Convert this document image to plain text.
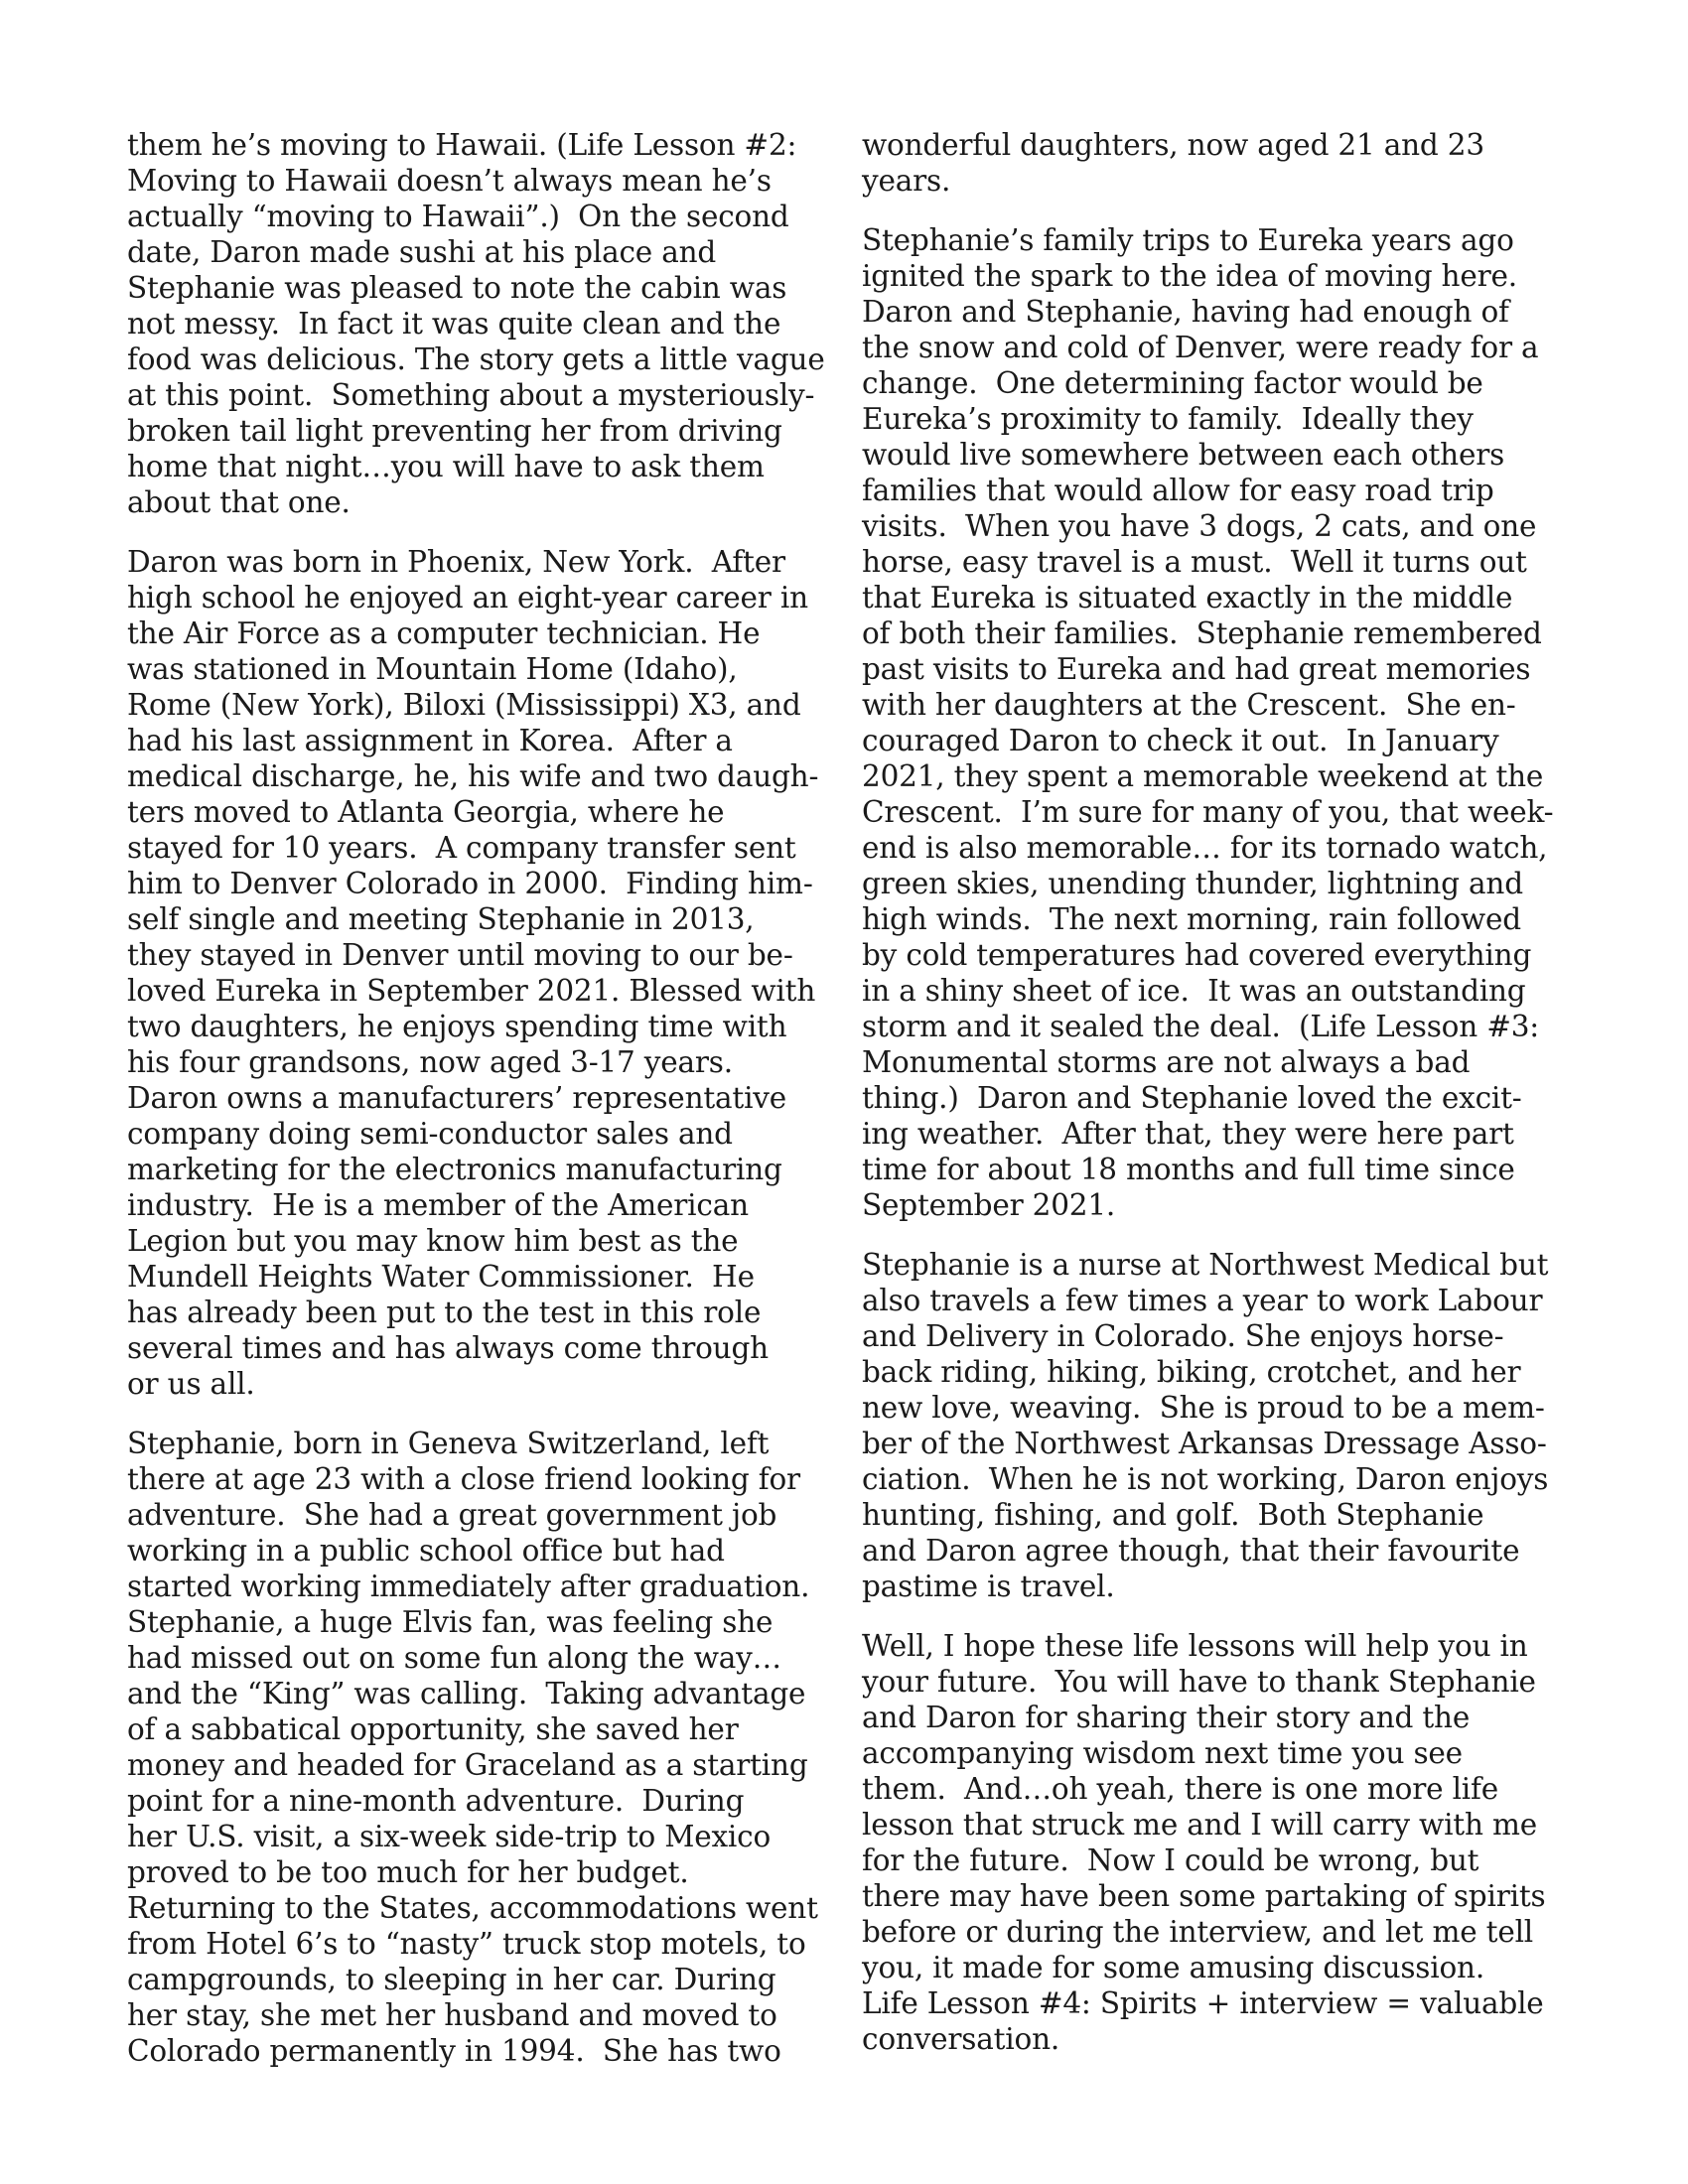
them he’s moving to Hawaii. (Life Lesson #2:
Moving to Hawaii doesn’t always mean he’s
actually “moving to Hawaii”.)  On the second
date, Daron made sushi at his place and
Stephanie was pleased to note the cabin was
not messy.  In fact it was quite clean and the
food was delicious. The story gets a little vague
at this point.  Something about a mysteriously-
broken tail light preventing her from driving
home that night…you will have to ask them
about that one.

Daron was born in Phoenix, New York.  After
high school he enjoyed an eight-year career in
the Air Force as a computer technician. He
was stationed in Mountain Home (Idaho),
Rome (New York), Biloxi (Mississippi) X3, and
had his last assignment in Korea.  After a
medical discharge, he, his wife and two daugh-
ters moved to Atlanta Georgia, where he
stayed for 10 years.  A company transfer sent
him to Denver Colorado in 2000.  Finding him-
self single and meeting Stephanie in 2013,
they stayed in Denver until moving to our be-
loved Eureka in September 2021. Blessed with
two daughters, he enjoys spending time with
his four grandsons, now aged 3-17 years.
Daron owns a manufacturers’ representative
company doing semi-conductor sales and
marketing for the electronics manufacturing
industry.  He is a member of the American
Legion but you may know him best as the
Mundell Heights Water Commissioner.  He
has already been put to the test in this role
several times and has always come through
or us all.

Stephanie, born in Geneva Switzerland, left
there at age 23 with a close friend looking for
adventure.  She had a great government job
working in a public school office but had
started working immediately after graduation.
Stephanie, a huge Elvis fan, was feeling she
had missed out on some fun along the way…
and the “King” was calling.  Taking advantage
of a sabbatical opportunity, she saved her
money and headed for Graceland as a starting
point for a nine-month adventure.  During
her U.S. visit, a six-week side-trip to Mexico
proved to be too much for her budget.
Returning to the States, accommodations went
from Hotel 6’s to “nasty” truck stop motels, to
campgrounds, to sleeping in her car. During
her stay, she met her husband and moved to
Colorado permanently in 1994.  She has two

wonderful daughters, now aged 21 and 23
years.

Stephanie’s family trips to Eureka years ago
ignited the spark to the idea of moving here.
Daron and Stephanie, having had enough of
the snow and cold of Denver, were ready for a
change.  One determining factor would be
Eureka’s proximity to family.  Ideally they
would live somewhere between each others
families that would allow for easy road trip
visits.  When you have 3 dogs, 2 cats, and one
horse, easy travel is a must.  Well it turns out
that Eureka is situated exactly in the middle
of both their families.  Stephanie remembered
past visits to Eureka and had great memories
with her daughters at the Crescent.  She en-
couraged Daron to check it out.  In January
2021, they spent a memorable weekend at the
Crescent.  I’m sure for many of you, that week-
end is also memorable… for its tornado watch,
green skies, unending thunder, lightning and
high winds.  The next morning, rain followed
by cold temperatures had covered everything
in a shiny sheet of ice.  It was an outstanding
storm and it sealed the deal.  (Life Lesson #3:
Monumental storms are not always a bad
thing.)  Daron and Stephanie loved the excit-
ing weather.  After that, they were here part
time for about 18 months and full time since
September 2021.

Stephanie is a nurse at Northwest Medical but
also travels a few times a year to work Labour
and Delivery in Colorado. She enjoys horse-
back riding, hiking, biking, crotchet, and her
new love, weaving.  She is proud to be a mem-
ber of the Northwest Arkansas Dressage Asso-
ciation.  When he is not working, Daron enjoys
hunting, fishing, and golf.  Both Stephanie
and Daron agree though, that their favourite
pastime is travel.

Well, I hope these life lessons will help you in
your future.  You will have to thank Stephanie
and Daron for sharing their story and the
accompanying wisdom next time you see
them.  And…oh yeah, there is one more life
lesson that struck me and I will carry with me
for the future.  Now I could be wrong, but
there may have been some partaking of spirits
before or during the interview, and let me tell
you, it made for some amusing discussion.
Life Lesson #4: Spirits + interview = valuable
conversation.
